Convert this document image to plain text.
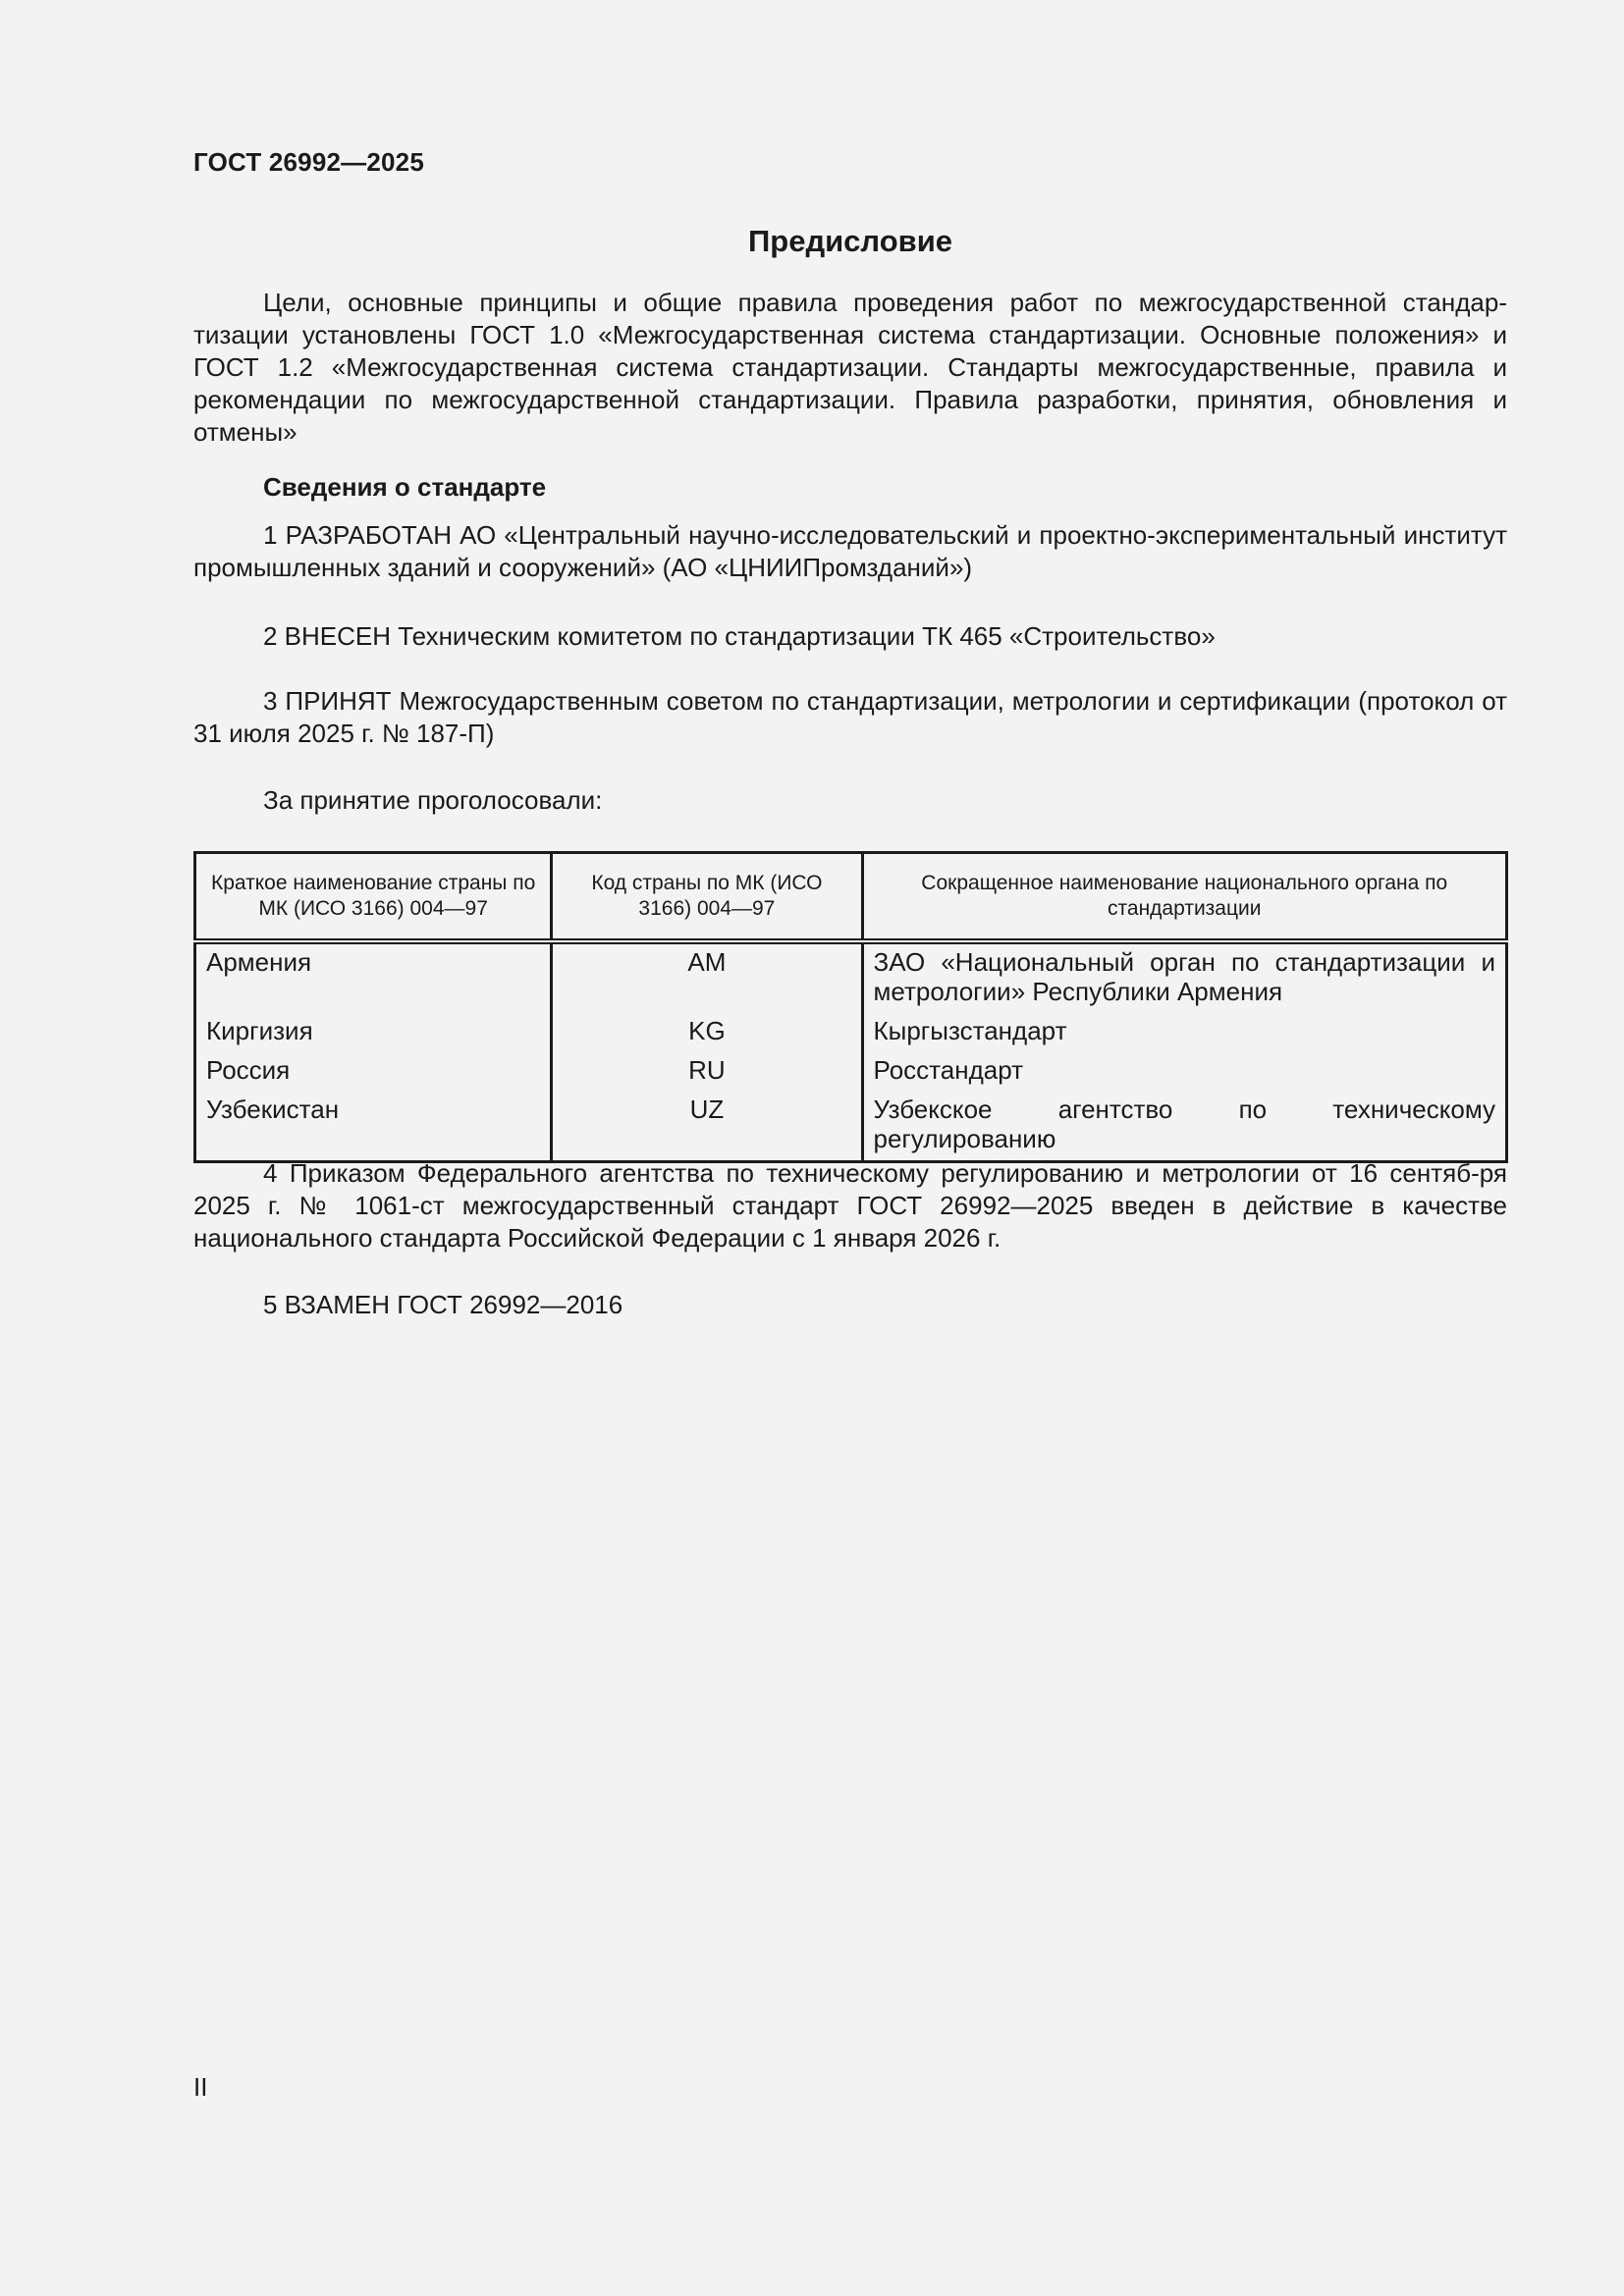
ГОСТ 26992—2025
Предисловие
Цели, основные принципы и общие правила проведения работ по межгосударственной стандар-тизации установлены ГОСТ 1.0 «Межгосударственная система стандартизации. Основные положения» и ГОСТ 1.2 «Межгосударственная система стандартизации. Стандарты межгосударственные, правила и рекомендации по межгосударственной стандартизации. Правила разработки, принятия, обновления и отмены»
Сведения о стандарте
1 РАЗРАБОТАН АО «Центральный научно-исследовательский и проектно-экспериментальный институт промышленных зданий и сооружений» (АО «ЦНИИПромзданий»)
2 ВНЕСЕН Техническим комитетом по стандартизации ТК 465 «Строительство»
3 ПРИНЯТ Межгосударственным советом по стандартизации, метрологии и сертификации (протокол от 31 июля 2025 г. № 187-П)
За принятие проголосовали:
Краткое наименование страны по МК (ИСО 3166) 004—97	Код страны по МК (ИСО 3166) 004—97	Сокращенное наименование национального органа по стандартизации
Армения	AM	ЗАО «Национальный орган по стандартизации и метрологии» Республики Армения
Киргизия	KG	Кыргызстандарт
Россия	RU	Росстандарт
Узбекистан	UZ	Узбекское агентство по техническому регулированию
4 Приказом Федерального агентства по техническому регулированию и метрологии от 16 сентяб-ря 2025 г. № 1061-ст межгосударственный стандарт ГОСТ 26992—2025 введен в действие в качестве национального стандарта Российской Федерации с 1 января 2026 г.
5 ВЗАМЕН ГОСТ 26992—2016
II
